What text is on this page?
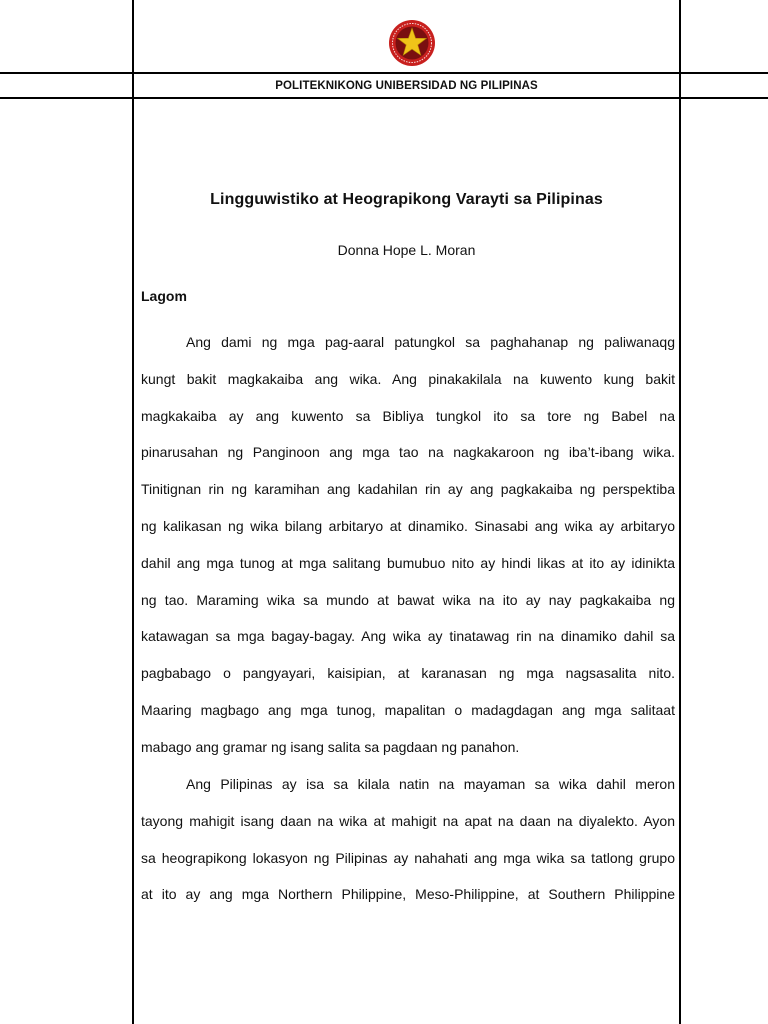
POLITEKNIKONG UNIBERSIDAD NG PILIPINAS
Lingguwistiko at Heograpikong Varayti sa Pilipinas
Donna Hope L. Moran
Lagom
Ang dami ng mga pag-aaral patungkol sa paghahanap ng paliwanaqg
kungt bakit magkakaiba ang wika. Ang pinakakilala na kuwento kung bakit
magkakaiba ay ang kuwento sa Bibliya tungkol ito sa tore ng Babel na
pinarusahan ng Panginoon ang mga tao na nagkakaroon ng iba’t-ibang wika.
Tinitignan rin ng karamihan ang kadahilan rin ay ang pagkakaiba ng perspektiba
ng kalikasan ng wika bilang arbitaryo at dinamiko. Sinasabi ang wika ay arbitaryo
dahil ang mga tunog at mga salitang bumubuo nito ay hindi likas at ito ay idinikta
ng tao. Maraming wika sa mundo at bawat wika na ito ay nay pagkakaiba ng
katawagan sa mga bagay-bagay. Ang wika ay tinatawag rin na dinamiko dahil sa
pagbabago o pangyayari, kaisipian, at karanasan ng mga nagsasalita nito.
Maaring magbago ang mga tunog, mapalitan o madagdagan ang mga salitaat
mabago ang gramar ng isang salita sa pagdaan ng panahon.
Ang Pilipinas ay isa sa kilala natin na mayaman sa wika dahil meron
tayong mahigit isang daan na wika at mahigit na apat na daan na diyalekto. Ayon
sa heograpikong lokasyon ng Pilipinas ay nahahati ang mga wika sa tatlong grupo
at ito ay ang mga Northern Philippine, Meso-Philippine, at Southern Philippine
